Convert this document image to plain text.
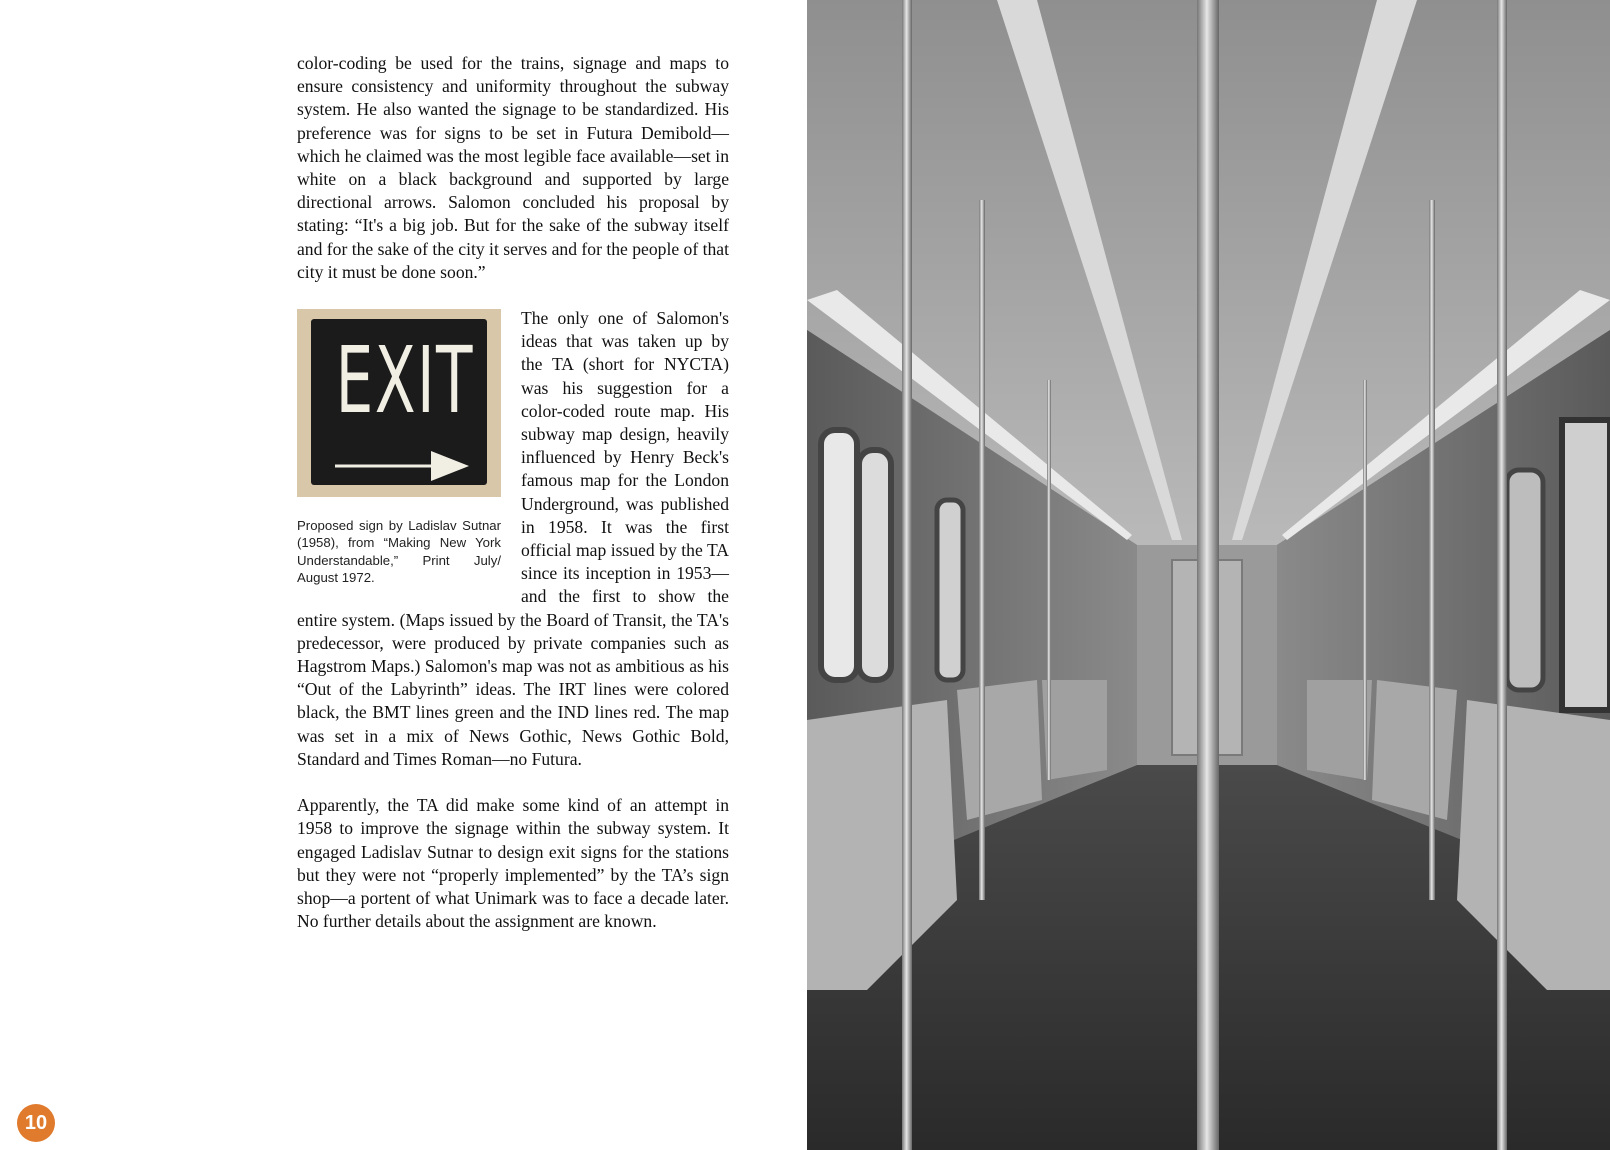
color-coding be used for the trains, signage and maps to ensure consistency and uniformity throughout the subway system. He also wanted the signage to be standardized. His preference was for signs to be set in Futura Demibold—which he claimed was the most legible face available—set in white on a black background and supported by large directional arrows. Salomon concluded his proposal by stating: “It's a big job. But for the sake of the subway itself and for the sake of the city it serves and for the people of that city it must be done soon.”

EXIT
Proposed sign by Ladislav Sutnar (1958), from “Making New York Understandable,” Print July/ August 1972.

The only one of Salomon's ideas that was taken up by the TA (short for NYCTA) was his suggestion for a color-coded route map. His subway map design, heavily influenced by Henry Beck's famous map for the London Underground, was published in 1958. It was the first official map issued by the TA since its inception in 1953—and the first to show the entire system. (Maps issued by the Board of Transit, the TA's predecessor, were produced by private companies such as Hagstrom Maps.) Salomon's map was not as ambitious as his “Out of the Labyrinth” ideas. The IRT lines were colored black, the BMT lines green and the IND lines red. The map was set in a mix of News Gothic, News Gothic Bold, Standard and Times Roman—no Futura.

Apparently, the TA did make some kind of an attempt in 1958 to improve the signage within the subway system. It engaged Ladislav Sutnar to design exit signs for the stations but they were not “properly implemented” by the TA’s sign shop—a portent of what Unimark was to face a decade later. No further details about the assignment are known.

10
